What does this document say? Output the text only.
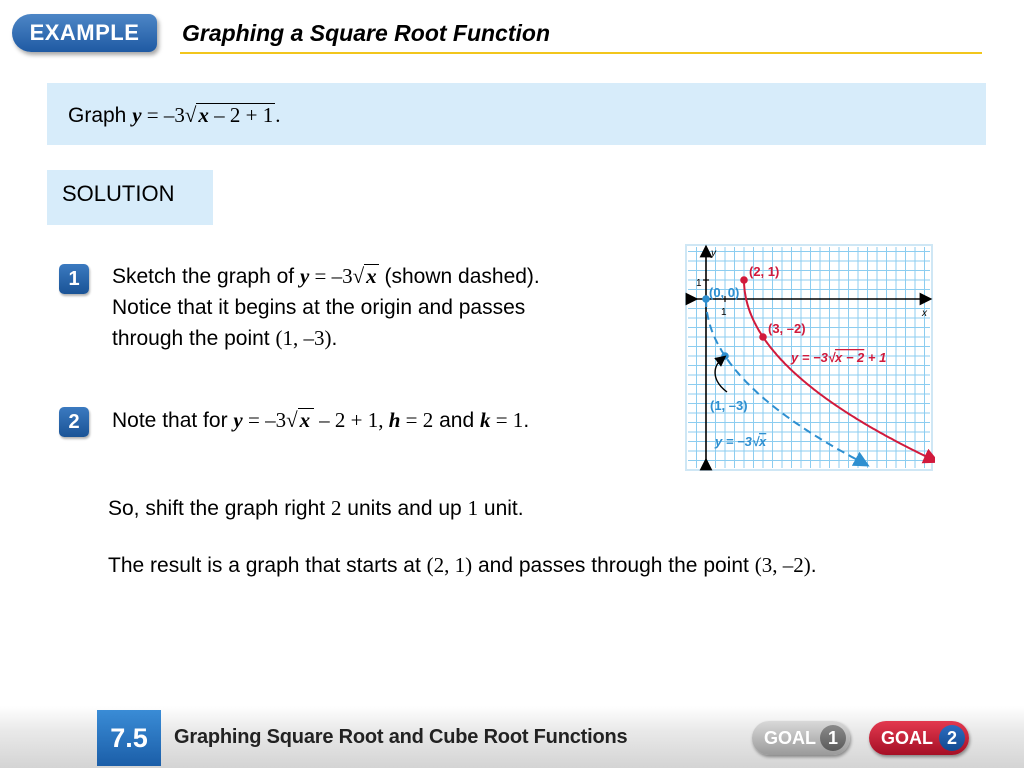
EXAMPLE	Graphing a Square Root Function
Graph y = –3√x – 2 + 1.
SOLUTION
1	Sketch the graph of y = –3√x (shown dashed).
Notice that it begins at the origin and passes
through the point (1, –3).
2	Note that for y = –3√x  – 2 + 1, h = 2 and k = 1.
So, shift the graph right 2 units and up 1 unit.
The result is a graph that starts at (2, 1) and passes through the point (3, –2).
y
x
1
1
(0, 0)
(2, 1)
(3, –2)
(1, –3)
y = −3√x − 2 + 1
y = −3√x
7.5	Graphing Square Root and Cube Root Functions	GOAL 1	GOAL 2
